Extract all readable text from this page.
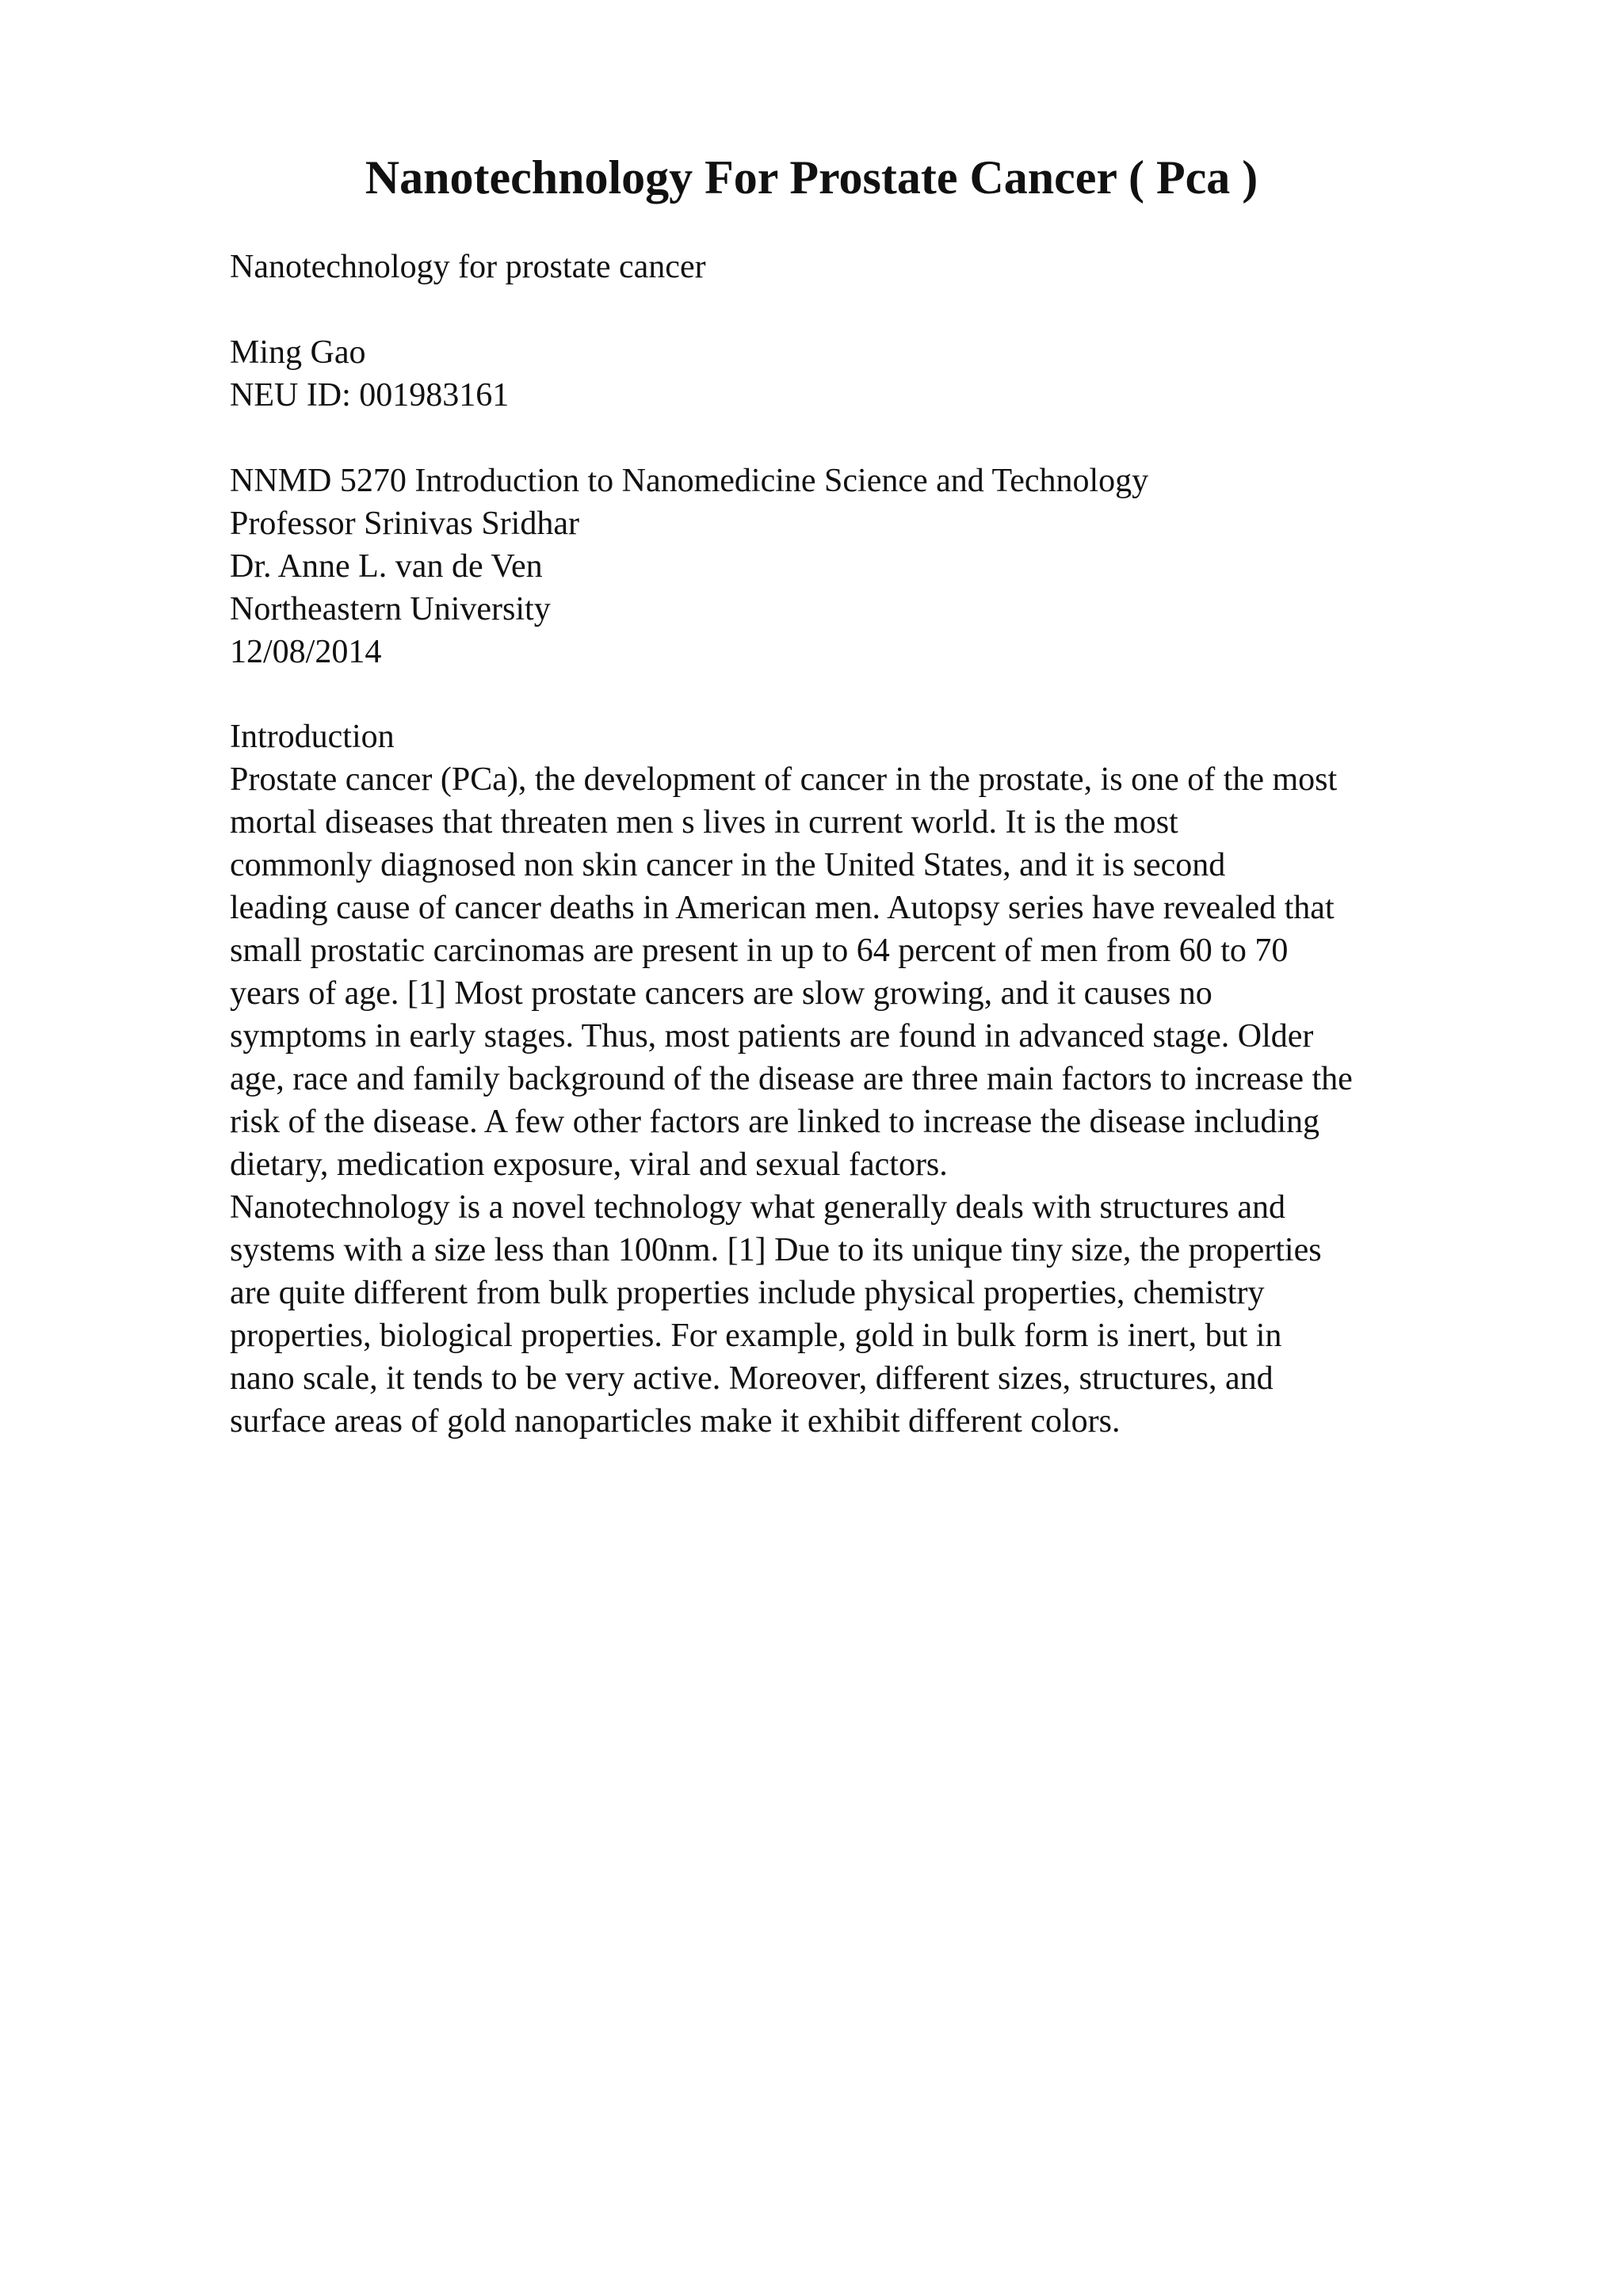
Nanotechnology For Prostate Cancer ( Pca )

Nanotechnology for prostate cancer

Ming Gao
NEU ID: 001983161
NNMD 5270 Introduction to Nanomedicine Science and Technology
Professor Srinivas Sridhar
Dr. Anne L. van de Ven
Northeastern University
12/08/2014
Introduction
Prostate cancer (PCa), the development of cancer in the prostate, is one of the most
mortal diseases that threaten men s lives in current world. It is the most
commonly diagnosed non skin cancer in the United States, and it is second
leading cause of cancer deaths in American men. Autopsy series have revealed that
small prostatic carcinomas are present in up to 64 percent of men from 60 to 70
years of age. [1] Most prostate cancers are slow growing, and it causes no
symptoms in early stages. Thus, most patients are found in advanced stage. Older
age, race and family background of the disease are three main factors to increase the
risk of the disease. A few other factors are linked to increase the disease including
dietary, medication exposure, viral and sexual factors.
Nanotechnology is a novel technology what generally deals with structures and
systems with a size less than 100nm. [1] Due to its unique tiny size, the properties
are quite different from bulk properties include physical properties, chemistry
properties, biological properties. For example, gold in bulk form is inert, but in
nano scale, it tends to be very active. Moreover, different sizes, structures, and
surface areas of gold nanoparticles make it exhibit different colors.
